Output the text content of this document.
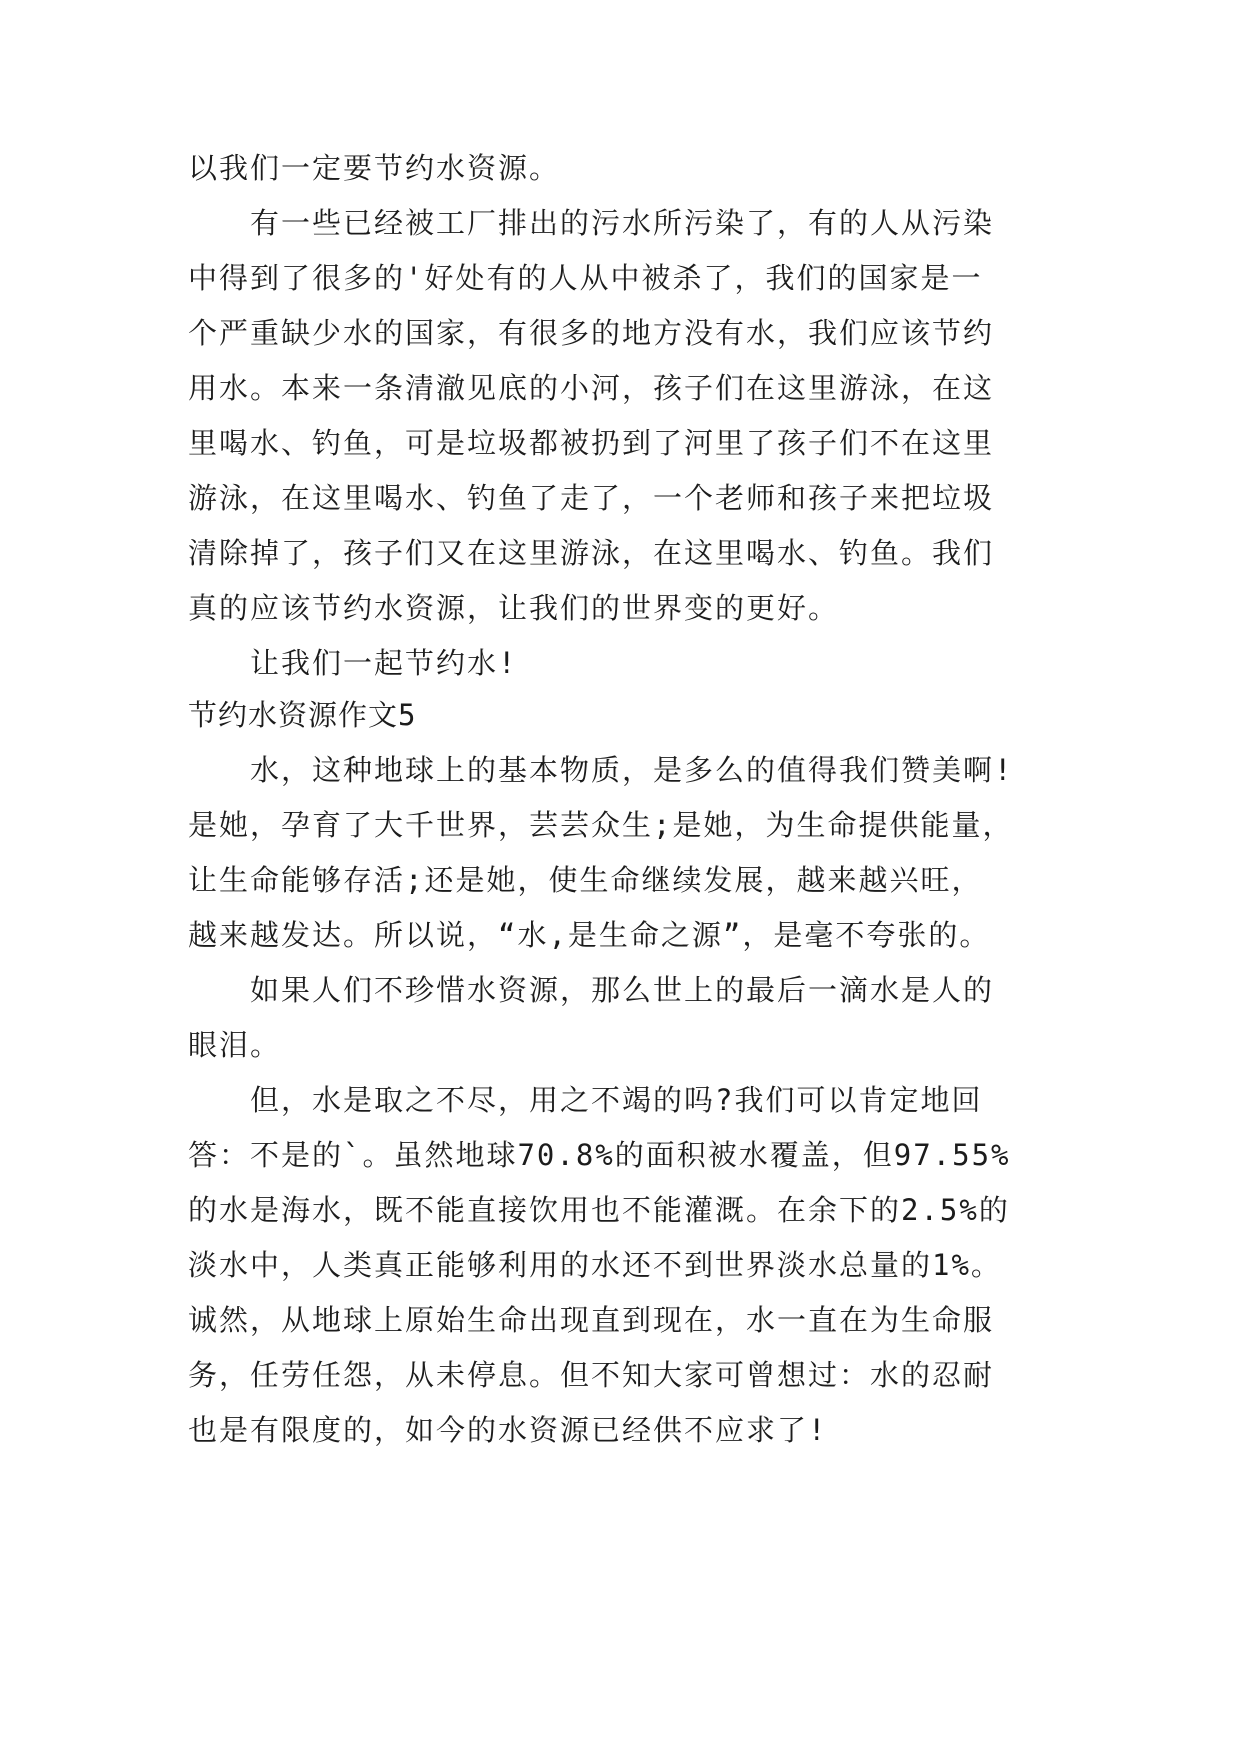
以我们一定要节约水资源。
有一些已经被工厂排出的污水所污染了，有的人从污染
中得到了很多的'好处有的人从中被杀了，我们的国家是一
个严重缺少水的国家，有很多的地方没有水，我们应该节约
用水。本来一条清澈见底的小河，孩子们在这里游泳，在这
里喝水、钓鱼，可是垃圾都被扔到了河里了孩子们不在这里
游泳，在这里喝水、钓鱼了走了，一个老师和孩子来把垃圾
清除掉了，孩子们又在这里游泳，在这里喝水、钓鱼。我们
真的应该节约水资源，让我们的世界变的更好。
让我们一起节约水!
节约水资源作文5
水，这种地球上的基本物质，是多么的值得我们赞美啊!
是她，孕育了大千世界，芸芸众生;是她，为生命提供能量，
让生命能够存活;还是她，使生命继续发展，越来越兴旺，
越来越发达。所以说，“水,是生命之源”，是毫不夸张的。
如果人们不珍惜水资源，那么世上的最后一滴水是人的
眼泪。
但，水是取之不尽，用之不竭的吗?我们可以肯定地回
答：不是的`。虽然地球70.8%的面积被水覆盖，但97.55%
的水是海水，既不能直接饮用也不能灌溉。在余下的2.5%的
淡水中，人类真正能够利用的水还不到世界淡水总量的1%。
诚然，从地球上原始生命出现直到现在，水一直在为生命服
务，任劳任怨，从未停息。但不知大家可曾想过：水的忍耐
也是有限度的，如今的水资源已经供不应求了!
